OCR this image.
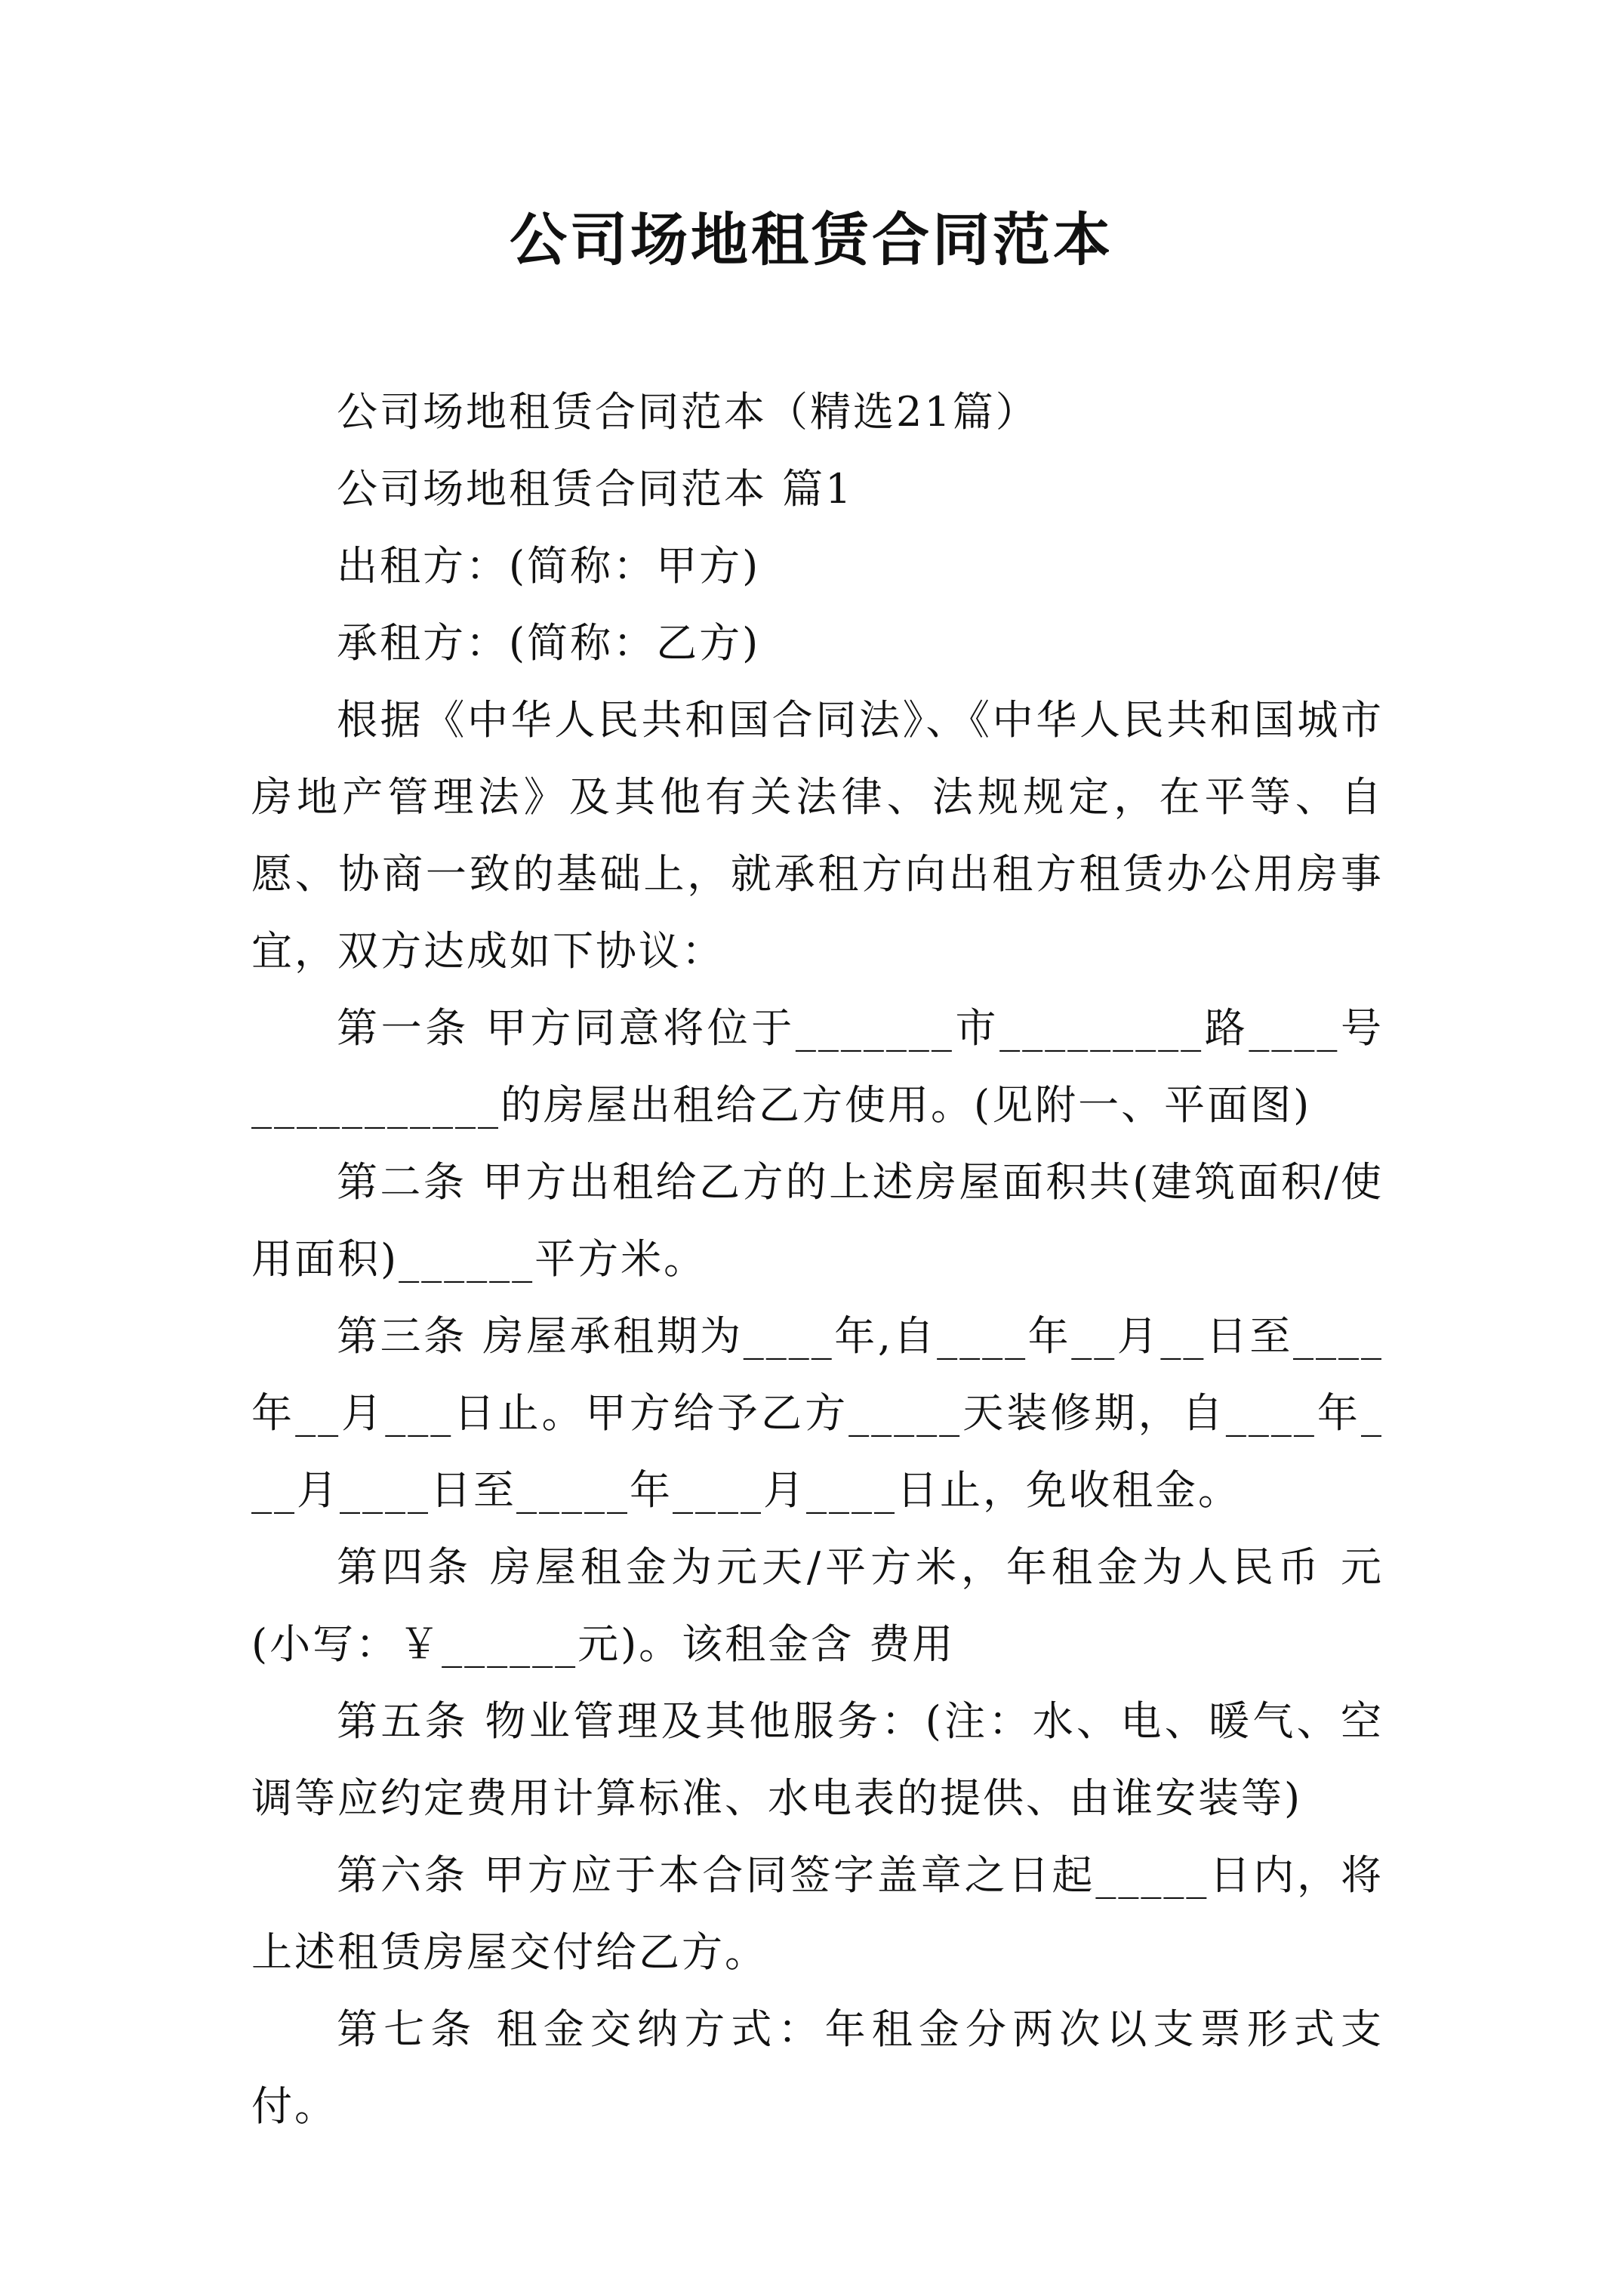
公司场地租赁合同范本

公司场地租赁合同范本（精选21篇）

公司场地租赁合同范本 篇1

出租方：(简称：甲方)

承租方：(简称：乙方)

根据《中华人民共和国合同法》、《中华人民共和国城市房地产管理法》及其他有关法律、法规规定，在平等、自愿、协商一致的基础上，就承租方向出租方租赁办公用房事宜，双方达成如下协议：

第一条 甲方同意将位于_______市_________路____号___________的房屋出租给乙方使用。(见附一、平面图)

第二条 甲方出租给乙方的上述房屋面积共(建筑面积/使用面积)______平方米。

第三条 房屋承租期为____年,自____年__月__日至____年__月___日止。甲方给予乙方_____天装修期，自____年___月____日至_____年____月____日止，免收租金。

第四条 房屋租金为元天/平方米，年租金为人民币 元(小写：￥______元)。该租金含 费用

第五条 物业管理及其他服务：(注：水、电、暖气、空调等应约定费用计算标准、水电表的提供、由谁安装等)

第六条 甲方应于本合同签字盖章之日起_____日内，将上述租赁房屋交付给乙方。

第七条 租金交纳方式：年租金分两次以支票形式支付。
